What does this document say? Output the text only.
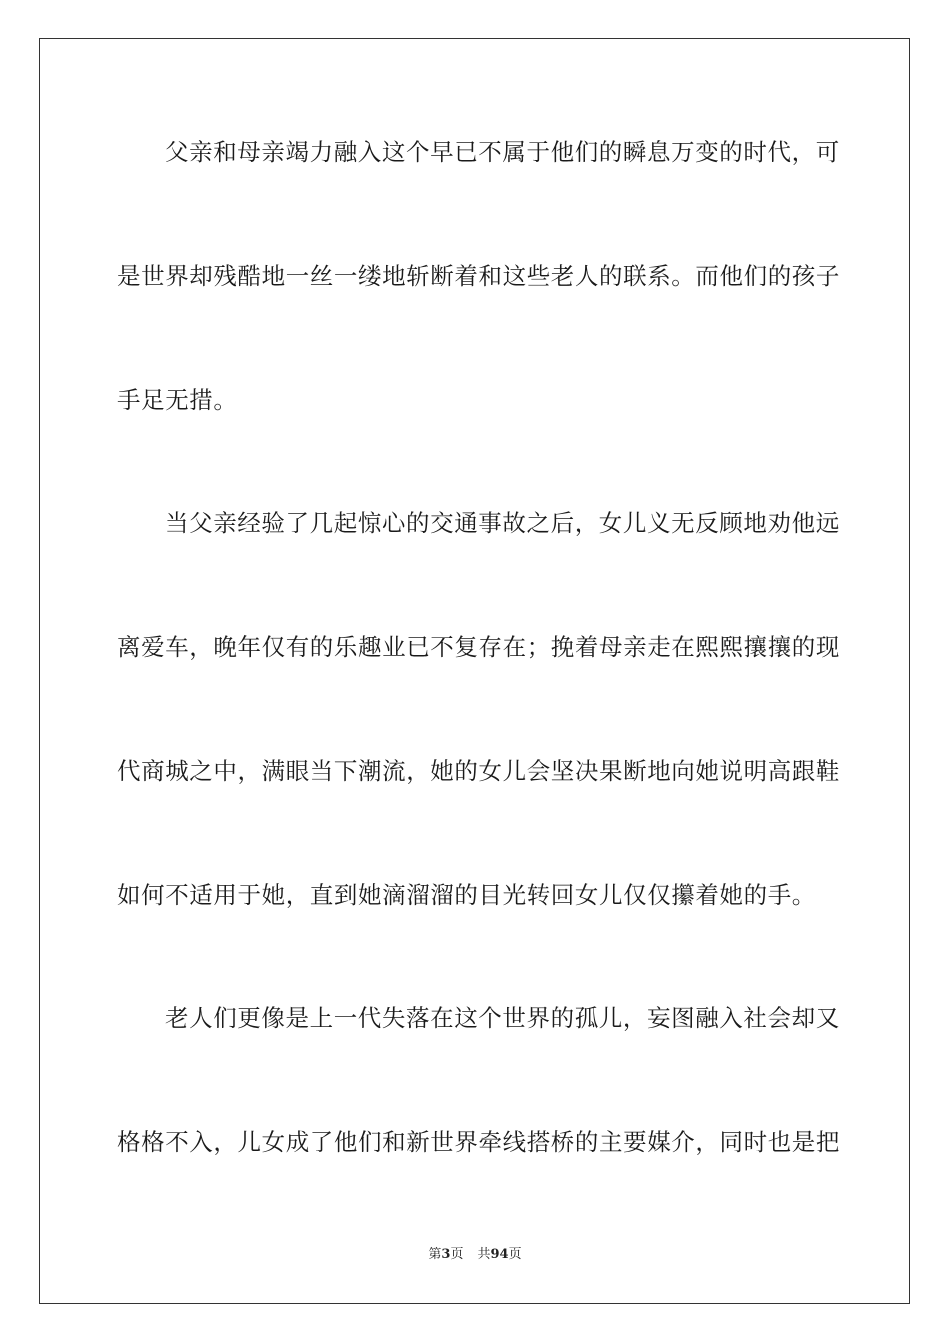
父亲和母亲竭力融入这个早已不属于他们的瞬息万变的时代，可
是世界却残酷地一丝一缕地斩断着和这些老人的联系。而他们的孩子
手足无措。
当父亲经验了几起惊心的交通事故之后，女儿义无反顾地劝他远
离爱车，晚年仅有的乐趣业已不复存在；挽着母亲走在熙熙攘攘的现
代商城之中，满眼当下潮流，她的女儿会坚决果断地向她说明高跟鞋
如何不适用于她，直到她滴溜溜的目光转回女儿仅仅攥着她的手。
老人们更像是上一代失落在这个世界的孤儿，妄图融入社会却又
格格不入，儿女成了他们和新世界牵线搭桥的主要媒介，同时也是把
第3页 共94页
